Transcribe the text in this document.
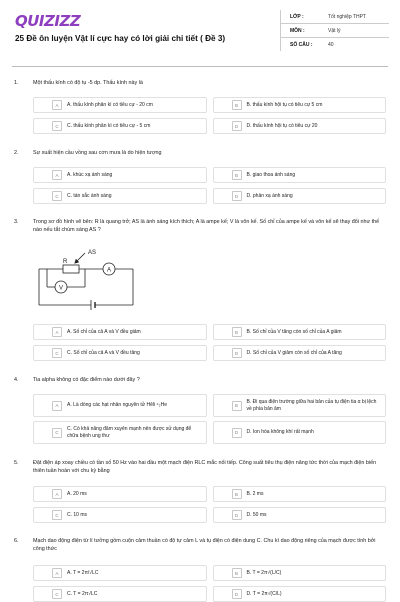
QUIZIZZ
25 Đề ôn luyện Vật lí cực hay có lời giải chi tiết ( Đề 3)
LỚP :	Tốt nghiệp THPT
MÔN :	Vật lý
SỐ CÂU :	40
1.	Một thấu kính có độ tụ -5 dp. Thấu kính này là
A	A. thấu kính phân kì có tiêu cự - 20 cm	B	B. thấu kính hội tụ có tiêu cự 5 cm
C	C. thấu kính phân kì có tiêu cự - 5 cm	D	D. thấu kính hội tụ có tiêu cự 20
2.	Sự xuất hiện cầu vồng sau cơn mưa là do hiện tượng
A	A. khúc xạ ánh sáng	B	B. giao thoa ánh sáng
C	C. tán sắc ánh sáng	D	D. phản xạ ánh sáng
3.	Trong sơ đồ hình vẽ bên: R là quang trở; AS là ánh sáng kích thích; A là ampe kế; V là vôn kế. Số chỉ của ampe kế và vôn kế sẽ thay đổi như thế nào nếu tắt chùm sáng AS ?
AS
R
A
V
A	A. Số chỉ của cả A và V đều giảm	B	B. Số chỉ của V tăng còn số chỉ của A giảm
C	C. Số chỉ của cả A và V đều tăng	D	D. Số chỉ của V giảm còn số chỉ của A tăng
4.	Tia alpha không có đặc điểm nào dưới đây ?
A	A. Là dòng các hạt nhân nguyên tử Hêli ⁴₂He	B
B. Đi qua điện trường giữa hai bản của tụ điện tia α bị lệch về phía bản âm
C
C. Có khả năng đâm xuyên mạnh nên được sử dụng để chữa bệnh ung thư	D	D. Ion hóa không khí rất mạnh
5.	Đặt điện áp xoay chiều có tần số 50 Hz vào hai đầu một mạch điện RLC mắc nối tiếp. Công suất tiêu thụ điện năng tức thời của mạch điện biến thiên tuần hoàn với chu kỳ bằng
A	A. 20 ms	B	B. 2 ms
C	C. 10 ms	D	D. 50 ms
6.	Mạch dao động điện từ lí tưởng gồm cuộn cảm thuần có độ tự cảm L và tụ điện có điện dung C. Chu kì dao động riêng của mạch được tính bởi công thức
A	A. T = 2π/√LC	B	B. T = 2π√(L/C)
C	C. T = 2π√LC	D	D. T = 2π√(C/L)
